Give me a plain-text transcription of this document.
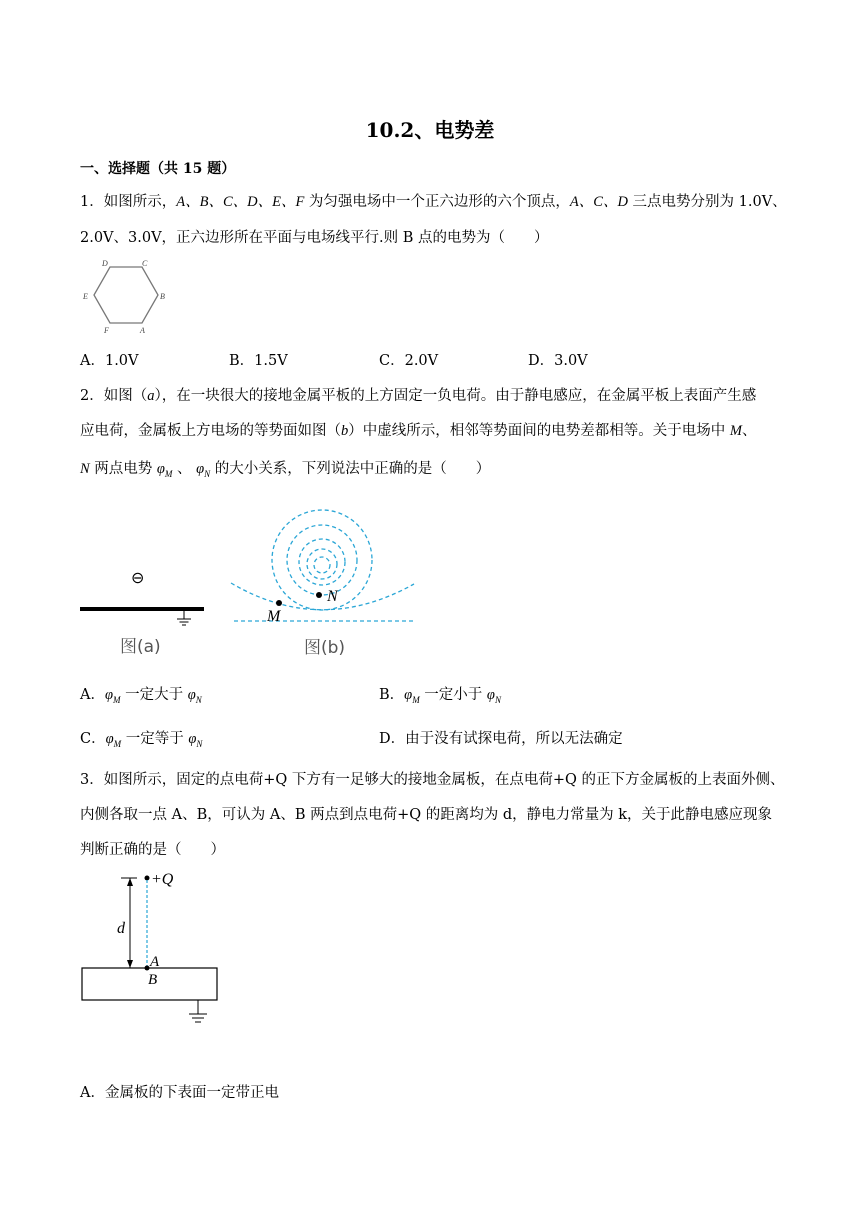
10.2、电势差
一、选择题（共 15 题）
1．如图所示，A、B、C、D、E、F 为匀强电场中一个正六边形的六个顶点，A、C、D 三点电势分别为 1.0V、
2.0V、3.0V，正六边形所在平面与电场线平行.则 B 点的电势为（　　）
D	C
E	B
F	A
A．1.0V	B．1.5V	C．2.0V	D．3.0V
2．如图（a），在一块很大的接地金属平板的上方固定一负电荷。由于静电感应，在金属平板上表面产生感
应电荷，金属板上方电场的等势面如图（b）中虚线所示，相邻等势面间的电势差都相等。关于电场中 M、
N 两点电势 $\varphi_M$ 、 $\varphi_N$ 的大小关系，下列说法中正确的是（　　）
⊖
图(a)
M
N
图(b)
A．$\varphi_M$ 一定大于 $\varphi_N$	B．$\varphi_M$ 一定小于 $\varphi_N$
C．$\varphi_M$ 一定等于 $\varphi_N$	D．由于没有试探电荷，所以无法确定
3．如图所示，固定的点电荷+Q 下方有一足够大的接地金属板，在点电荷+Q 的正下方金属板的上表面外侧、
内侧各取一点 A、B，可认为 A、B 两点到点电荷+Q 的距离均为 d，静电力常量为 k，关于此静电感应现象
判断正确的是（　　）
+Q
d
A
B
A．金属板的下表面一定带正电
